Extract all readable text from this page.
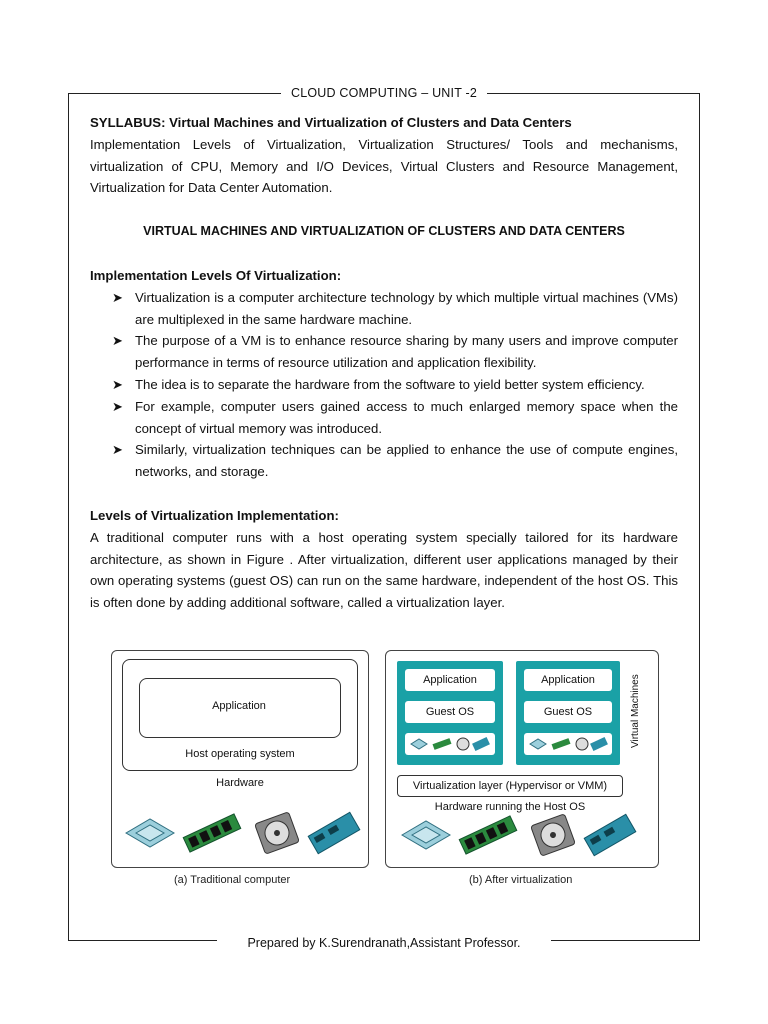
CLOUD COMPUTING – UNIT -2

SYLLABUS: Virtual Machines and Virtualization of Clusters and Data Centers

Implementation Levels of Virtualization, Virtualization Structures/ Tools and mechanisms, virtualization of CPU, Memory and I/O Devices, Virtual Clusters and Resource Management, Virtualization for Data Center Automation.

VIRTUAL MACHINES AND VIRTUALIZATION OF CLUSTERS AND DATA CENTERS

Implementation Levels Of Virtualization:

➤ Virtualization is a computer architecture technology by which multiple virtual machines (VMs) are multiplexed in the same hardware machine.
➤ The purpose of a VM is to enhance resource sharing by many users and improve computer performance in terms of resource utilization and application flexibility.
➤ The idea is to separate the hardware from the software to yield better system efficiency.
➤ For example, computer users gained access to much enlarged memory space when the concept of virtual memory was introduced.
➤ Similarly, virtualization techniques can be applied to enhance the use of compute engines, networks, and storage.

Levels of Virtualization Implementation:

A traditional computer runs with a host operating system specially tailored for its hardware architecture, as shown in Figure . After virtualization, different user applications managed by their own operating systems (guest OS) can run on the same hardware, independent of the host OS. This is often done by adding additional software, called a virtualization layer.

Application
Host operating system
Hardware
(a) Traditional computer
Application
Guest OS
Application
Guest OS	Virtual Machines
Virtualization layer (Hypervisor or VMM)
Hardware running the Host OS
(b) After virtualization
Prepared by K.Surendranath,Assistant Professor.
